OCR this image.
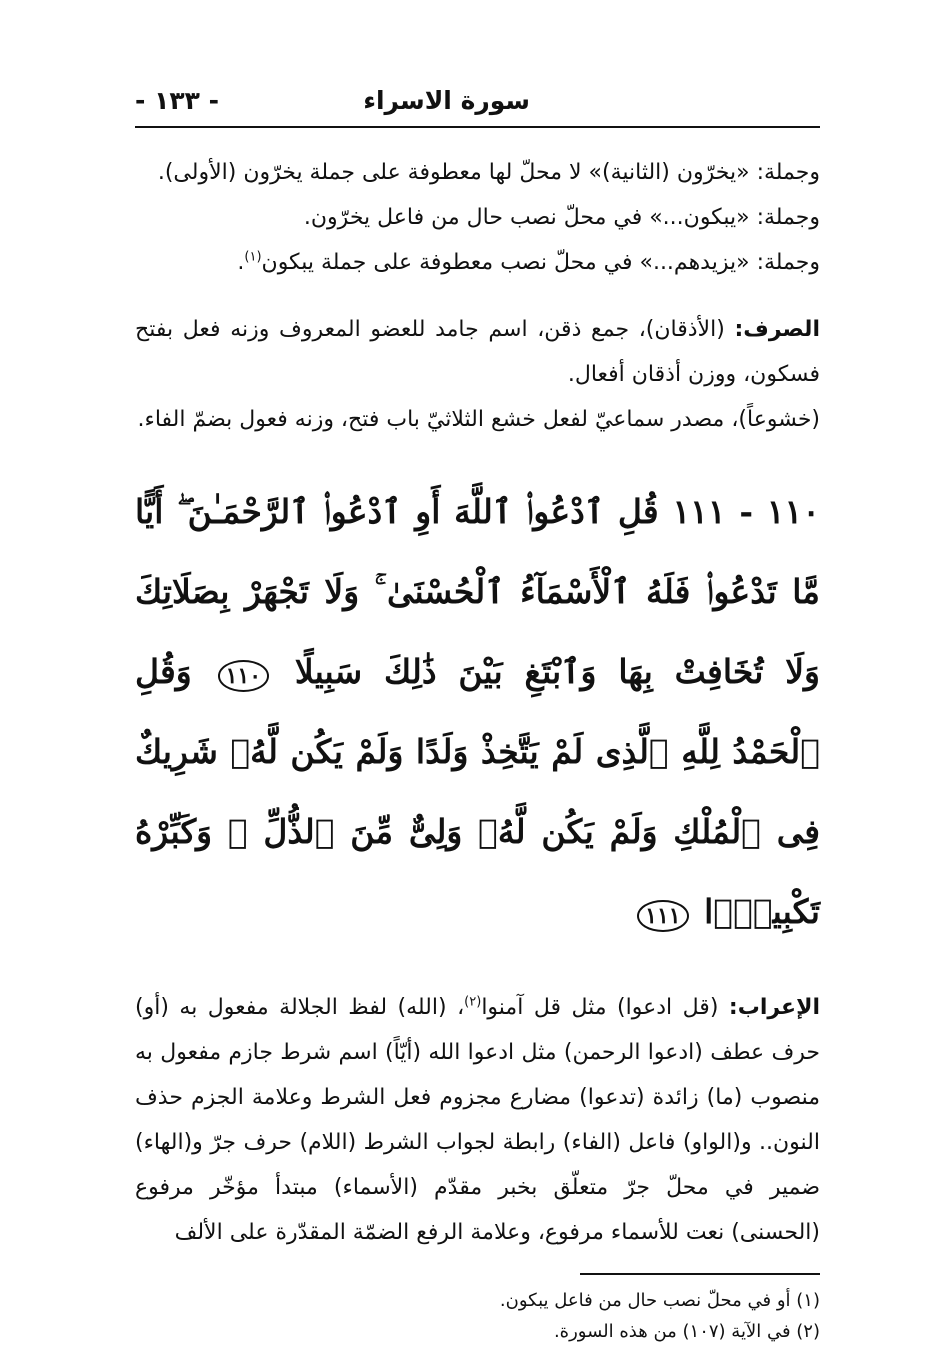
سورة الاسراء
- ١٣٣ -
وجملة: «يخرّون (الثانية)» لا محلّ لها معطوفة على جملة يخرّون (الأولى).
وجملة: «يبكون...» في محلّ نصب حال من فاعل يخرّون.
وجملة: «يزيدهم...» في محلّ نصب معطوفة على جملة يبكون$^{(١)}$.

الصرف: (الأذقان)، جمع ذقن، اسم جامد للعضو المعروف وزنه فعل بفتح فسكون، ووزن أذقان أفعال.

(خشوعاً)، مصدر سماعيّ لفعل خشع الثلاثيّ باب فتح، وزنه فعول بضمّ الفاء.

١١٠ - ١١١ قُلِ ٱدْعُوا۟ ٱللَّهَ أَوِ ٱدْعُوا۟ ٱلرَّحْمَـٰنَ ۖ أَيًّا مَّا تَدْعُوا۟ فَلَهُ ٱلْأَسْمَآءُ ٱلْحُسْنَىٰ ۚ وَلَا تَجْهَرْ بِصَلَاتِكَ وَلَا تُخَافِتْ بِهَا وَٱبْتَغِ بَيْنَ ذَٰلِكَ سَبِيلًا ١١٠ وَقُلِ ٱلْحَمْدُ لِلَّهِ ٱلَّذِى لَمْ يَتَّخِذْ وَلَدًا وَلَمْ يَكُن لَّهُۥ شَرِيكٌ فِى ٱلْمُلْكِ وَلَمْ يَكُن لَّهُۥ وَلِىٌّ مِّنَ ٱلذُّلِّ ۖ وَكَبِّرْهُ تَكْبِيرًۢا ١١١

الإعراب: (قل ادعوا) مثل قل آمنوا$^{(٢)}$، (الله) لفظ الجلالة مفعول به (أو) حرف عطف (ادعوا الرحمن) مثل ادعوا الله (أيّاً) اسم شرط جازم مفعول به منصوب (ما) زائدة (تدعوا) مضارع مجزوم فعل الشرط وعلامة الجزم حذف النون.. و(الواو) فاعل (الفاء) رابطة لجواب الشرط (اللام) حرف جرّ و(الهاء) ضمير في محلّ جرّ متعلّق بخبر مقدّم (الأسماء) مبتدأ مؤخّر مرفوع (الحسنى) نعت للأسماء مرفوع، وعلامة الرفع الضمّة المقدّرة على الألف

(١) أو في محلّ نصب حال من فاعل يبكون.
(٢) في الآية (١٠٧) من هذه السورة.
